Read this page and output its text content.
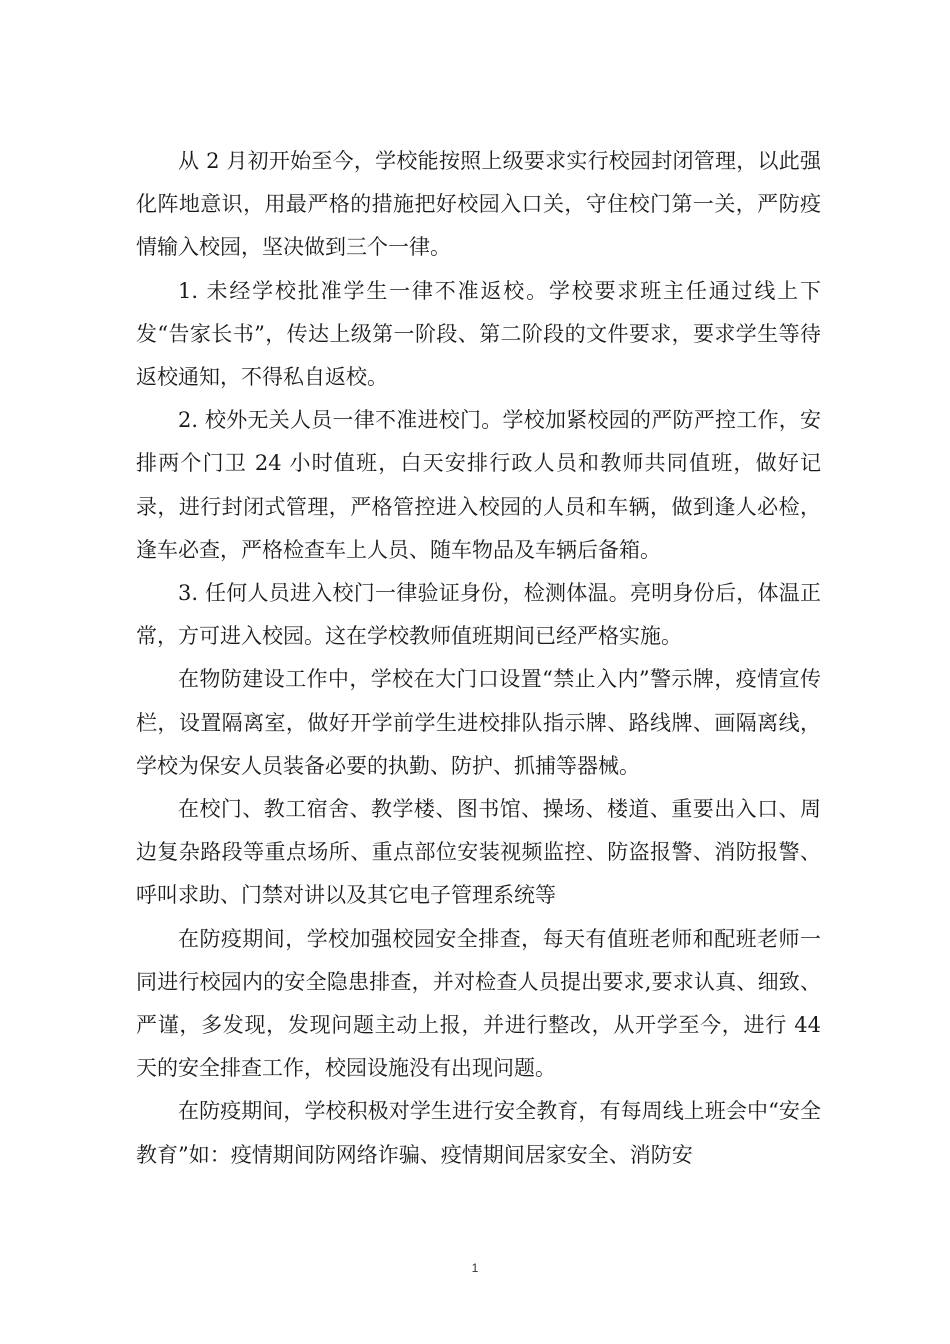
从 2 月初开始至今，学校能按照上级要求实行校园封闭管理，以此强化阵地意识，用最严格的措施把好校园入口关，守住校门第一关，严防疫情输入校园，坚决做到三个一律。

1. 未经学校批准学生一律不准返校。学校要求班主任通过线上下发“告家长书”，传达上级第一阶段、第二阶段的文件要求，要求学生等待返校通知，不得私自返校。

2. 校外无关人员一律不准进校门。学校加紧校园的严防严控工作，安排两个门卫 24 小时值班，白天安排行政人员和教师共同值班，做好记录，进行封闭式管理，严格管控进入校园的人员和车辆，做到逢人必检，逢车必查，严格检查车上人员、随车物品及车辆后备箱。

3. 任何人员进入校门一律验证身份，检测体温。亮明身份后，体温正常，方可进入校园。这在学校教师值班期间已经严格实施。

在物防建设工作中，学校在大门口设置“禁止入内”警示牌，疫情宣传栏，设置隔离室，做好开学前学生进校排队指示牌、路线牌、画隔离线，学校为保安人员装备必要的执勤、防护、抓捕等器械。

在校门、教工宿舍、教学楼、图书馆、操场、楼道、重要出入口、周边复杂路段等重点场所、重点部位安装视频监控、防盗报警、消防报警、呼叫求助、门禁对讲以及其它电子管理系统等

在防疫期间，学校加强校园安全排查，每天有值班老师和配班老师一同进行校园内的安全隐患排查，并对检查人员提出要求,要求认真、细致、严谨，多发现，发现问题主动上报，并进行整改，从开学至今，进行 44 天的安全排查工作，校园设施没有出现问题。

在防疫期间，学校积极对学生进行安全教育，有每周线上班会中“安全教育”如：疫情期间防网络诈骗、疫情期间居家安全、消防安

1
